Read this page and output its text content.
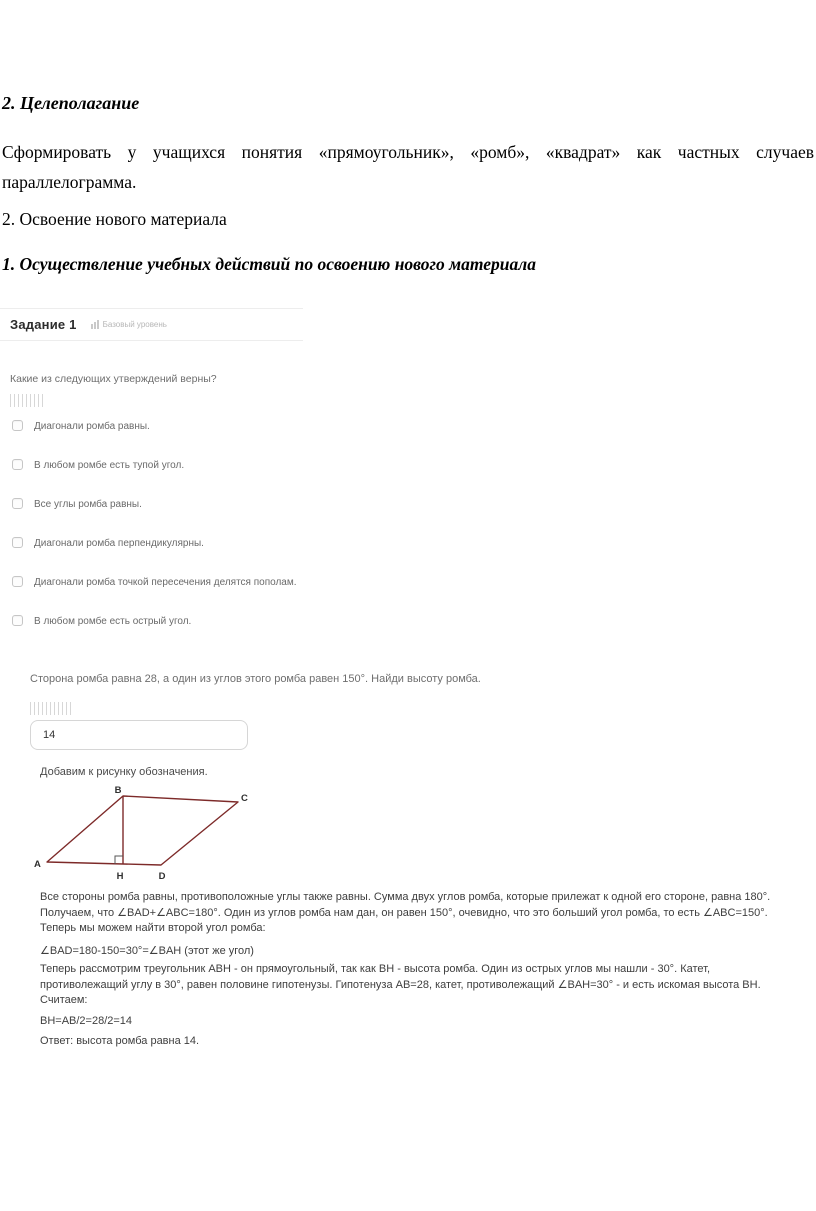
2. Целеполагание

Сформировать у учащихся понятия «прямоугольник», «ромб», «квадрат» как частных случаев параллелограмма.

2. Освоение нового материала
1. Осуществление учебных действий по освоению нового материала
Задание 1	Базовый уровень
Какие из следующих утверждений верны?
Диагонали ромба равны.
В любом ромбе есть тупой угол.
Все углы ромба равны.
Диагонали ромба перпендикулярны.
Диагонали ромба точкой пересечения делятся пополам.
В любом ромбе есть острый угол.
Сторона ромба равна 28, а один из углов этого ромба равен 150°. Найди высоту ромба.
14
Добавим к рисунку обозначения.
A
B
C
H	D

Все стороны ромба равны, противоположные углы также равны. Сумма двух углов ромба, которые прилежат к одной его стороне, равна 180°. Получаем, что ∠BAD+∠ABC=180°. Один из углов ромба нам дан, он равен 150°, очевидно, что это больший угол ромба, то есть ∠ABC=150°. Теперь мы можем найти второй угол ромба:

∠BAD=180-150=30°=∠BAH (этот же угол)

Теперь рассмотрим треугольник ABH - он прямоугольный, так как BH - высота ромба. Один из острых углов мы нашли - 30°. Катет, противолежащий углу в 30°, равен половине гипотенузы. Гипотенуза AB=28, катет, противолежащий ∠BAH=30° - и есть искомая высота BH. Считаем:

BH=AB/2=28/2=14

Ответ: высота ромба равна 14.
